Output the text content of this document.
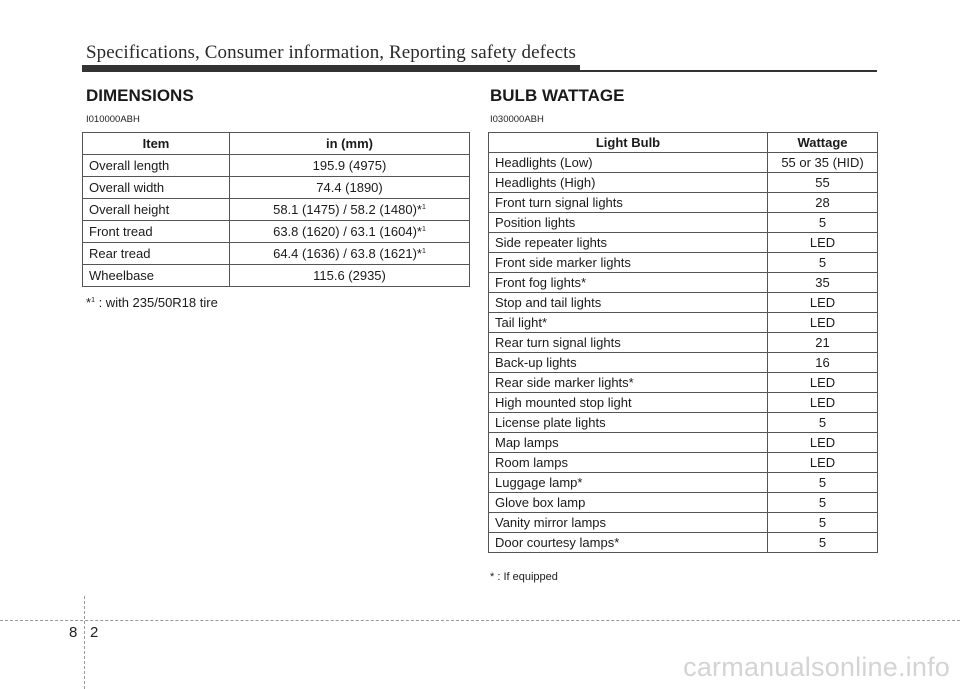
Specifications, Consumer information, Reporting safety defects
DIMENSIONS
I010000ABH
Item	in (mm)
Overall length	195.9 (4975)
Overall width	74.4 (1890)
Overall height	58.1 (1475) / 58.2 (1480)*$^1$
Front tread	63.8 (1620) / 63.1 (1604)*$^1$
Rear tread	64.4 (1636) / 63.8 (1621)*$^1$
Wheelbase	115.6 (2935)
*$^1$ : with 235/50R18 tire
BULB WATTAGE
I030000ABH
Light Bulb	Wattage
Headlights (Low)	55 or 35 (HID)
Headlights (High)	55
Front turn signal lights	28
Position lights	5
Side repeater lights	LED
Front side marker lights	5
Front fog lights*	35
Stop and tail lights	LED
Tail light*	LED
Rear turn signal lights	21
Back-up lights	16
Rear side marker lights*	LED
High mounted stop light	LED
License plate lights	5
Map lamps	LED
Room lamps	LED
Luggage lamp*	5
Glove box lamp	5
Vanity mirror lamps	5
Door courtesy lamps*	5
* : If equipped
8 2
carmanualsonline.info
